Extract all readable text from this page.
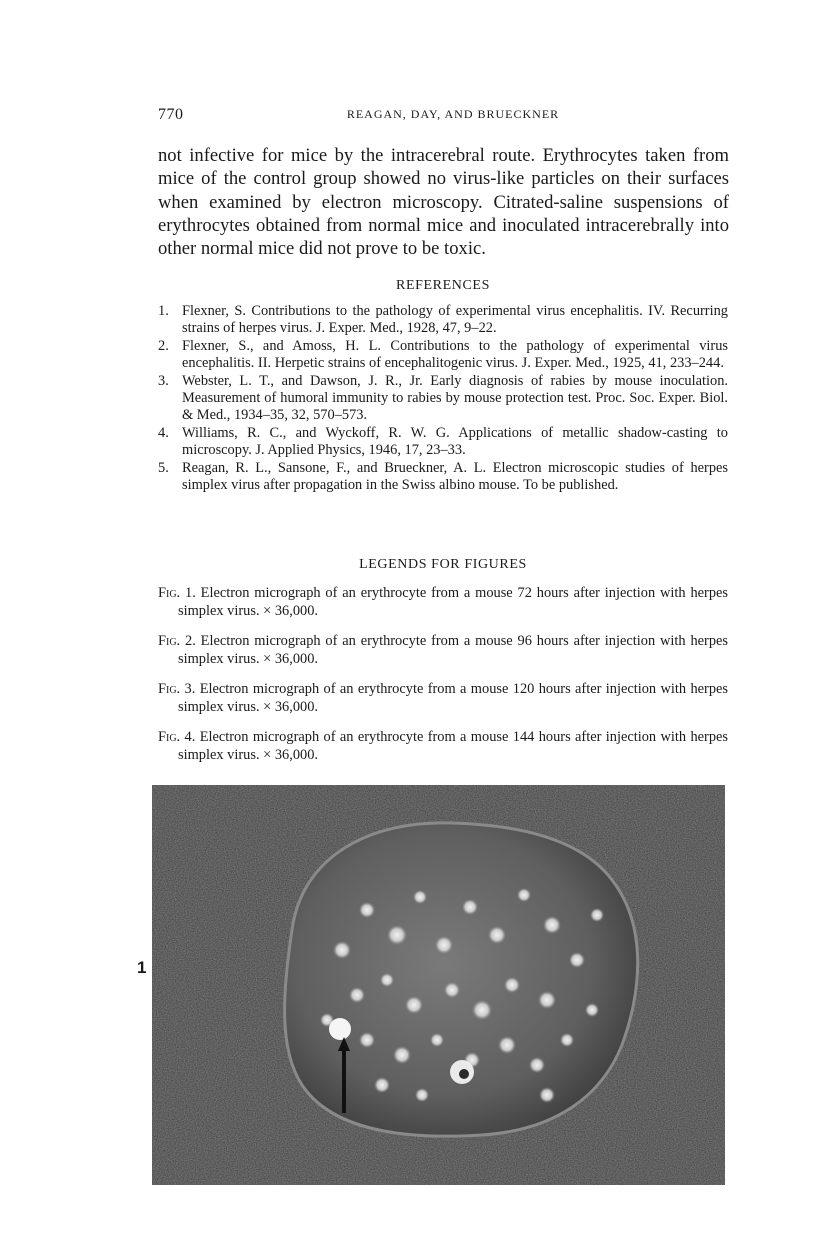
770	REAGAN, DAY, AND BRUECKNER
not infective for mice by the intracerebral route. Erythrocytes taken from mice of the control group showed no virus-like particles on their surfaces when examined by electron microscopy. Citrated-saline suspensions of erythrocytes obtained from normal mice and inoculated intracerebrally into other normal mice did not prove to be toxic.
REFERENCES
1. Flexner, S. Contributions to the pathology of experimental virus encephalitis. IV. Recurring strains of herpes virus. J. Exper. Med., 1928, 47, 9–22.
2. Flexner, S., and Amoss, H. L. Contributions to the pathology of experimental virus encephalitis. II. Herpetic strains of encephalitogenic virus. J. Exper. Med., 1925, 41, 233–244.
3. Webster, L. T., and Dawson, J. R., Jr. Early diagnosis of rabies by mouse inoculation. Measurement of humoral immunity to rabies by mouse protection test. Proc. Soc. Exper. Biol. & Med., 1934–35, 32, 570–573.
4. Williams, R. C., and Wyckoff, R. W. G. Applications of metallic shadow-casting to microscopy. J. Applied Physics, 1946, 17, 23–33.
5. Reagan, R. L., Sansone, F., and Brueckner, A. L. Electron microscopic studies of herpes simplex virus after propagation in the Swiss albino mouse. To be published.
LEGENDS FOR FIGURES
Fig. 1. Electron micrograph of an erythrocyte from a mouse 72 hours after injection with herpes simplex virus. × 36,000.
Fig. 2. Electron micrograph of an erythrocyte from a mouse 96 hours after injection with herpes simplex virus. × 36,000.
Fig. 3. Electron micrograph of an erythrocyte from a mouse 120 hours after injection with herpes simplex virus. × 36,000.
Fig. 4. Electron micrograph of an erythrocyte from a mouse 144 hours after injection with herpes simplex virus. × 36,000.
1
